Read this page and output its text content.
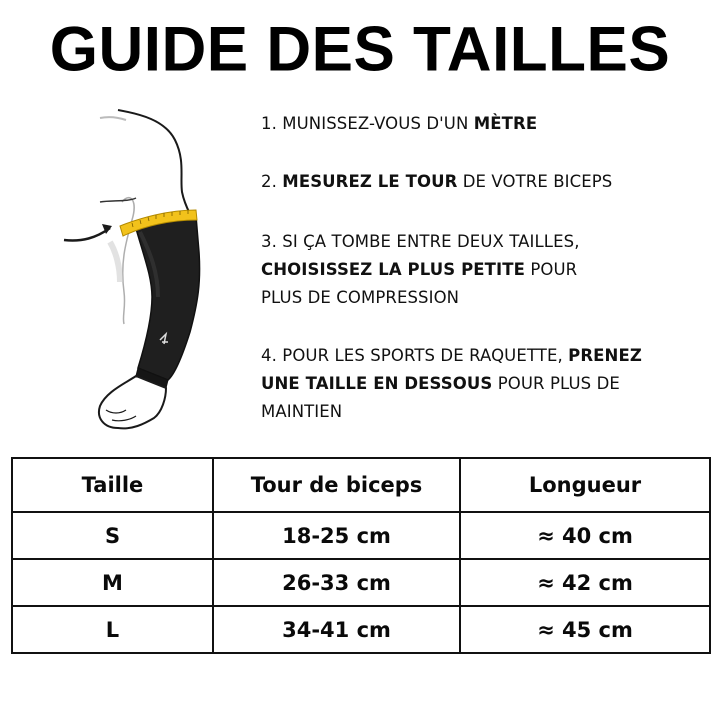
GUIDE DES TAILLES
1. MUNISSEZ-VOUS D'UN MÈTRE
2. MESUREZ LE TOUR DE VOTRE BICEPS
3. SI ÇA TOMBE ENTRE DEUX TAILLES,
CHOISISSEZ LA PLUS PETITE POUR
PLUS DE COMPRESSION
4. POUR LES SPORTS DE RAQUETTE, PRENEZ
UNE TAILLE EN DESSOUS POUR PLUS DE
MAINTIEN
Taille	Tour de biceps	Longueur
S	18-25 cm	≈ 40 cm
M	26-33 cm	≈ 42 cm
L	34-41 cm	≈ 45 cm
